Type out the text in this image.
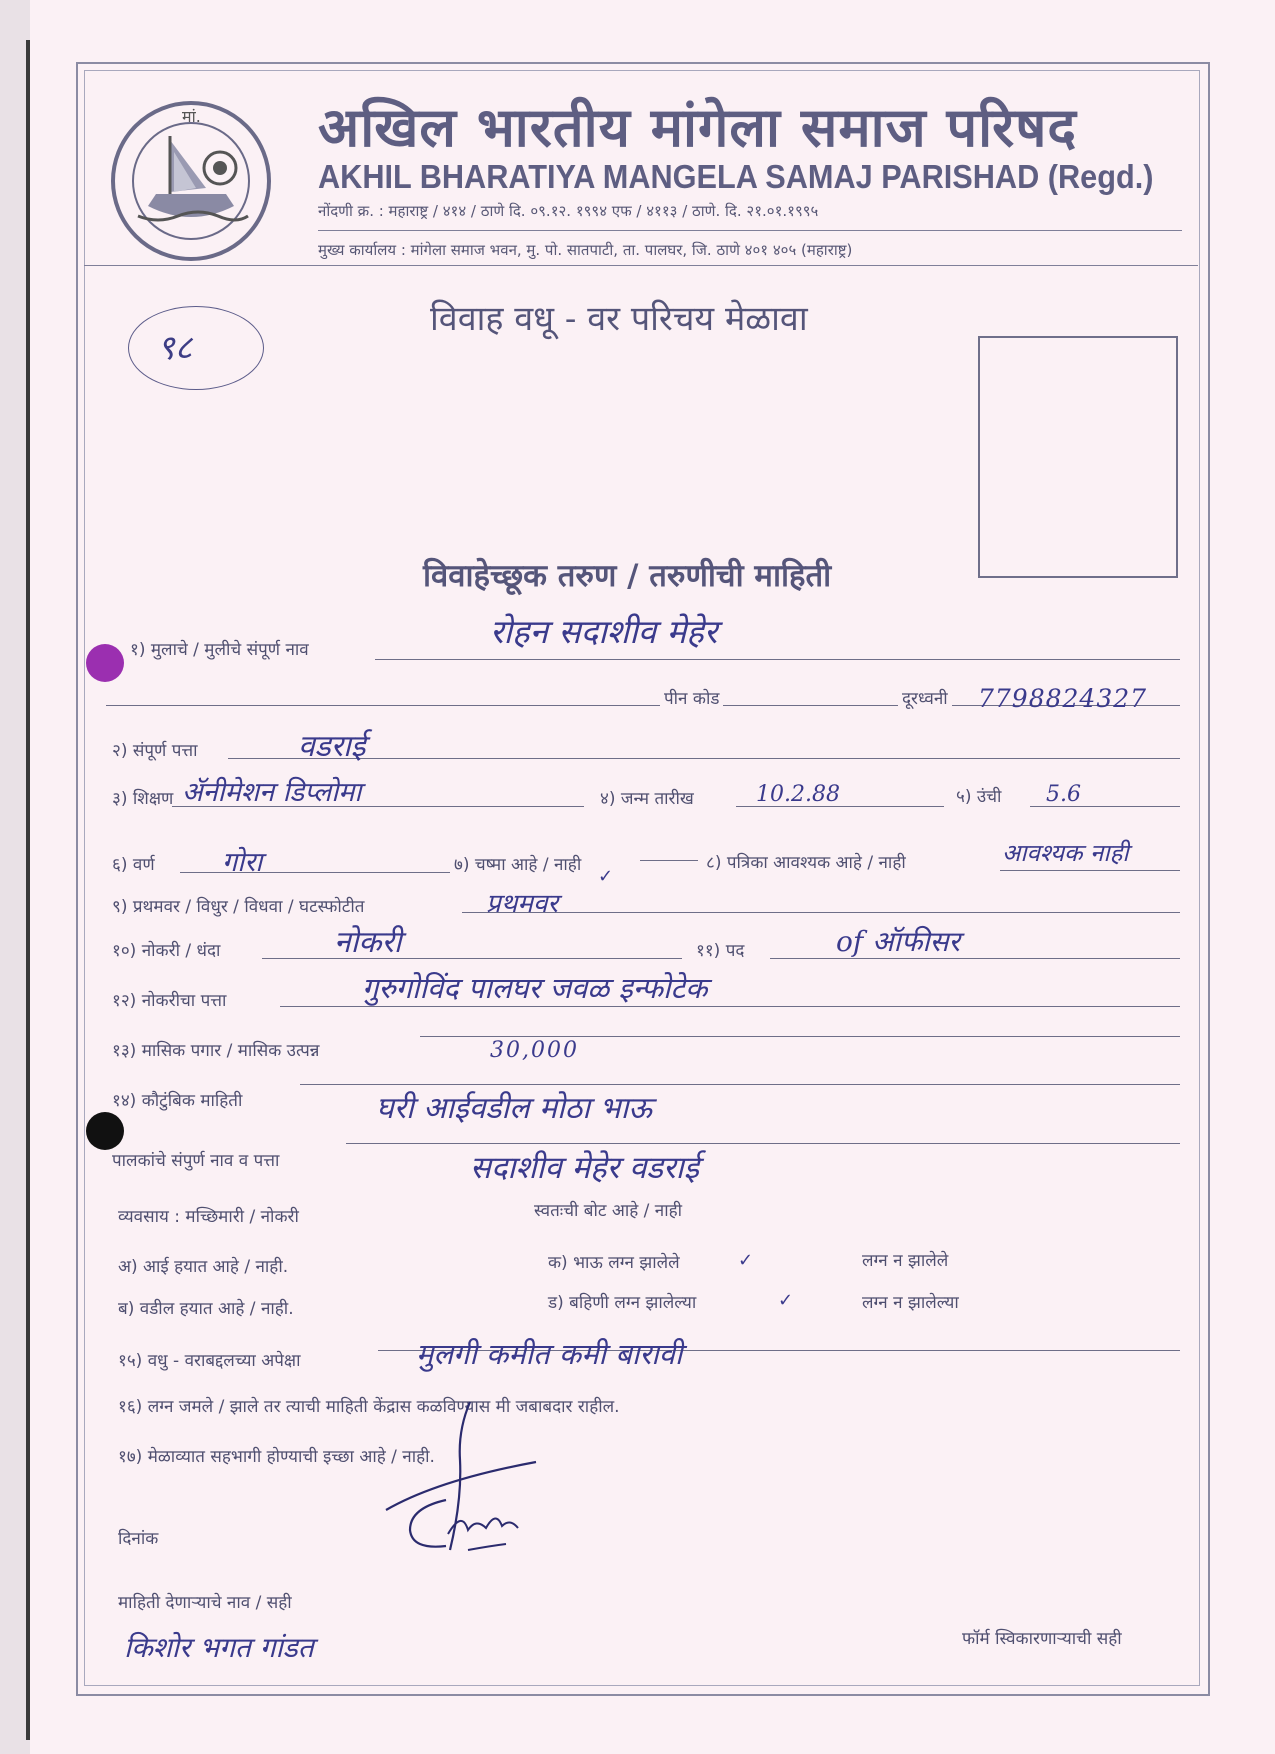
मां. अखिल भारतीय मांगेला समाज परिषद
AKHIL BHARATIYA MANGELA SAMAJ PARISHAD (Regd.)
नोंदणी क्र. : महाराष्ट्र / ४१४ / ठाणे दि. ०९.१२. १९९४ एफ / ४११३ / ठाणे. दि. २१.०१.१९९५
मुख्य कार्यालय : मांगेला समाज भवन, मु. पो. सातपाटी, ता. पालघर, जि. ठाणे ४०१ ४०५ (महाराष्ट्र)
९८
विवाह वधू - वर परिचय मेळावा
विवाहेच्छूक तरुण / तरुणीची माहिती
१) मुलाचे / मुलीचे संपूर्ण नाव	रोहन सदाशीव मेहेर
पीन कोड	दूरध्वनी 7798824327
२) संपूर्ण पत्ता	वडराई
३) शिक्षण ॲनीमेशन डिप्लोमा	४) जन्म तारीख	10.2.88	५) उंची 5.6
६) वर्ण गोरा	७) चष्मा आहे / नाही
✓
८) पत्रिका आवश्यक आहे / नाही	आवश्यक नाही
९) प्रथमवर / विधुर / विधवा / घटस्फोटीत	प्रथमवर
१०) नोकरी / धंदा	नोकरी	११) पद	of ऑफीसर
१२) नोकरीचा पत्ता	गुरुगोविंद पालघर जवळ इन्फोटेक
१३) मासिक पगार / मासिक उत्पन्न	30,000
१४) कौटुंबिक माहिती	घरी आईवडील मोठा भाऊ
पालकांचे संपुर्ण नाव व पत्ता	सदाशीव मेहेर वडराई
व्यवसाय : मच्छिमारी / नोकरी	स्वतःची बोट आहे / नाही
अ) आई हयात आहे / नाही.	क) भाऊ लग्न झालेले	✓	लग्न न झालेले
ब) वडील हयात आहे / नाही.	ड) बहिणी लग्न झालेल्या	✓	लग्न न झालेल्या
१५) वधु - वराबद्दलच्या अपेक्षा	मुलगी कमीत कमी बारावी
१६) लग्न जमले / झाले तर त्याची माहिती केंद्रास कळविण्यास मी जबाबदार राहील.
१७) मेळाव्यात सहभागी होण्याची इच्छा आहे / नाही.
दिनांक
माहिती देणाऱ्याचे नाव / सही
किशोर भगत गांडत	फॉर्म स्विकारणाऱ्याची सही
